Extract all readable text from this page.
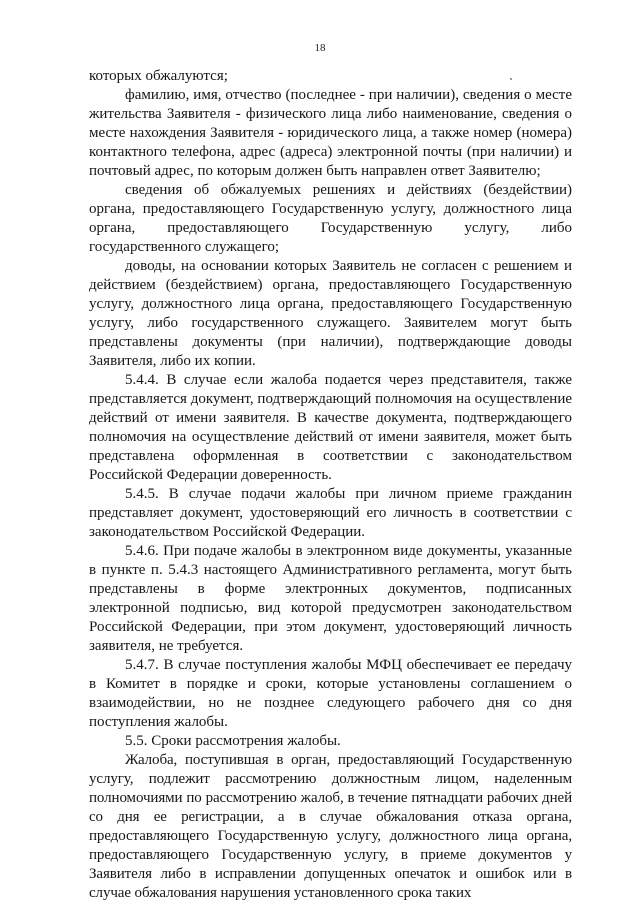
18

которых обжалуются;

фамилию, имя, отчество (последнее - при наличии), сведения о месте жительства Заявителя - физического лица либо наименование, сведения о месте нахождения Заявителя - юридического лица, а также номер (номера) контактного телефона, адрес (адреса) электронной почты (при наличии) и почтовый адрес, по которым должен быть направлен ответ Заявителю;

сведения об обжалуемых решениях и действиях (бездействии) органа, предоставляющего Государственную услугу, должностного лица органа, предоставляющего Государственную услугу, либо государственного служащего;

доводы, на основании которых Заявитель не согласен с решением и действием (бездействием) органа, предоставляющего Государственную услугу, должностного лица органа, предоставляющего Государственную услугу, либо государственного служащего. Заявителем могут быть представлены документы (при наличии), подтверждающие доводы Заявителя, либо их копии.

5.4.4. В случае если жалоба подается через представителя, также представляется документ, подтверждающий полномочия на осуществление действий от имени заявителя. В качестве документа, подтверждающего полномочия на осуществление действий от имени заявителя, может быть представлена оформленная в соответствии с законодательством Российской Федерации доверенность.

5.4.5. В случае подачи жалобы при личном приеме гражданин представляет документ, удостоверяющий его личность в соответствии с законодательством Российской Федерации.

5.4.6. При подаче жалобы в электронном виде документы, указанные в пункте п. 5.4.3 настоящего Административного регламента, могут быть представлены в форме электронных документов, подписанных электронной подписью, вид которой предусмотрен законодательством Российской Федерации, при этом документ, удостоверяющий личность заявителя, не требуется.

5.4.7. В случае поступления жалобы МФЦ обеспечивает ее передачу в Комитет в порядке и сроки, которые установлены соглашением о взаимодействии, но не позднее следующего рабочего дня со дня поступления жалобы.

5.5. Сроки рассмотрения жалобы.

Жалоба, поступившая в орган, предоставляющий Государственную услугу, подлежит рассмотрению должностным лицом, наделенным полномочиями по рассмотрению жалоб, в течение пятнадцати рабочих дней со дня ее регистрации, а в случае обжалования отказа органа, предоставляющего Государственную услугу, должностного лица органа, предоставляющего Государственную услугу, в приеме документов у Заявителя либо в исправлении допущенных опечаток и ошибок или в случае обжалования нарушения установленного срока таких
